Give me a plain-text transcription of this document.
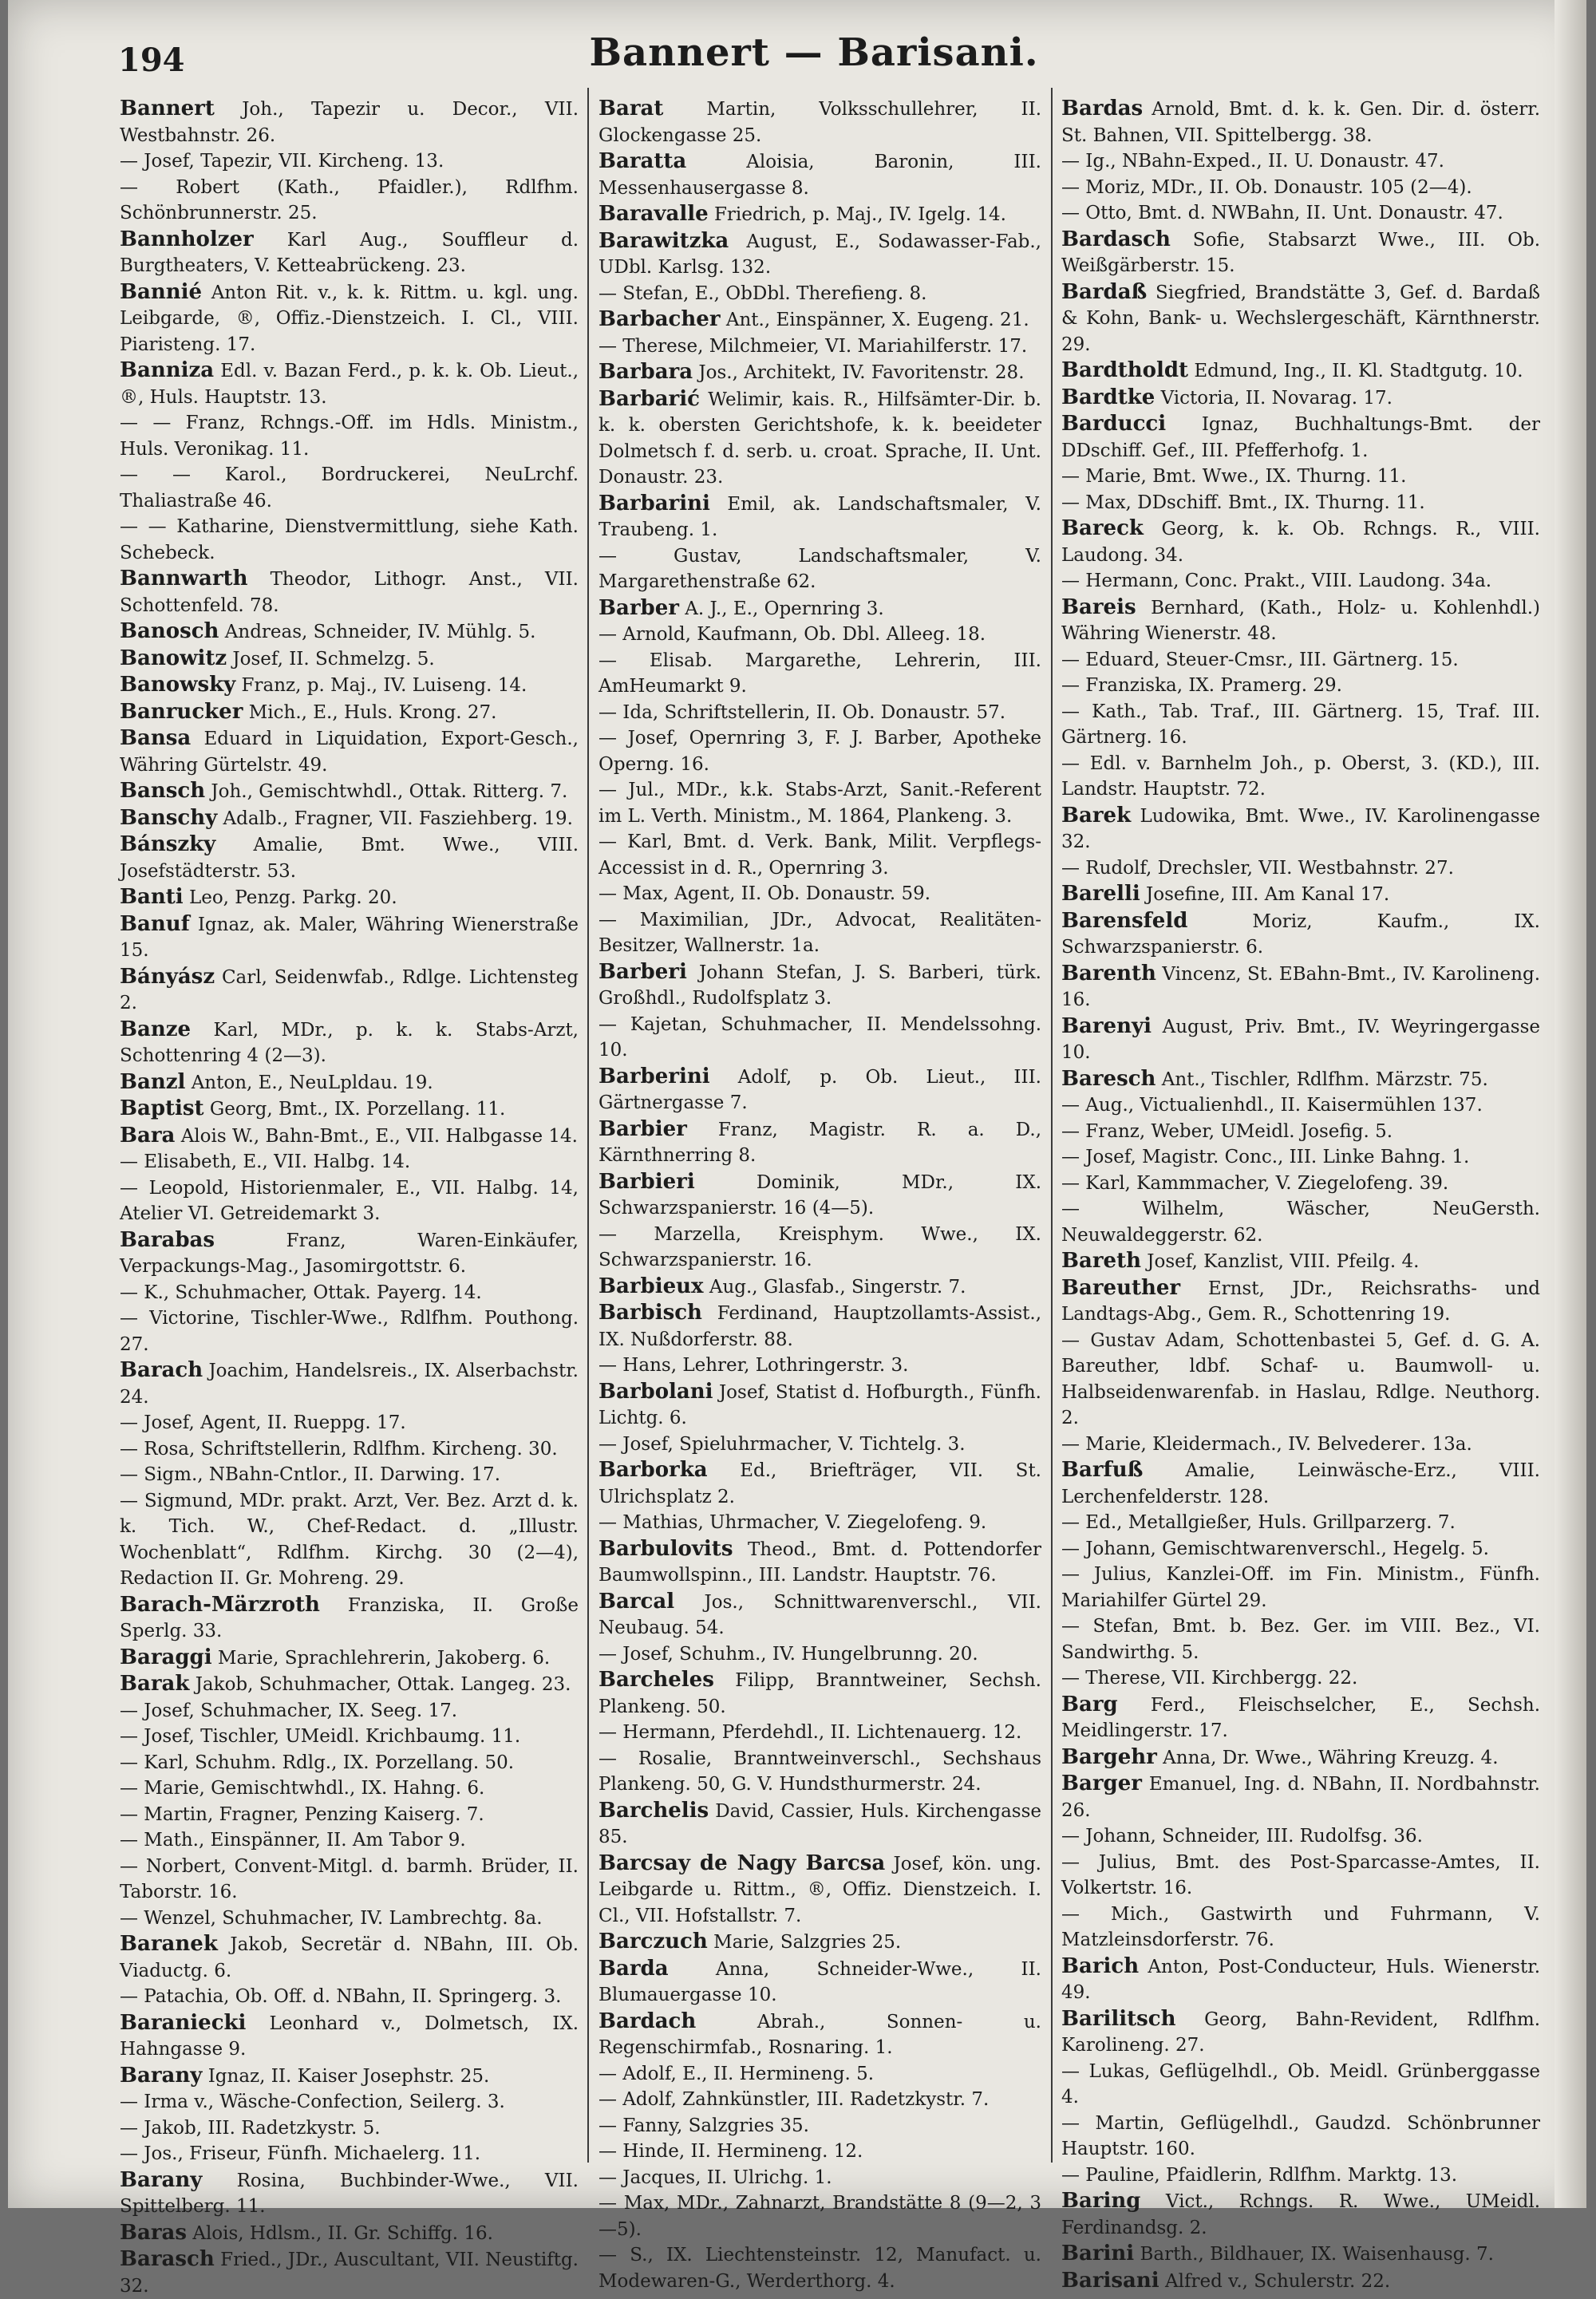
194	Bannert — Barisani.

Bannert Joh., Tapezir u. Decor., VII. Westbahnstr. 26.

— Josef, Tapezir, VII. Kircheng. 13.

— Robert (Kath., Pfaidler.), Rdlfhm. Schönbrunnerstr. 25.

Bannholzer Karl Aug., Souffleur d. Burgtheaters, V. Ketteabrückeng. 23.

Bannié Anton Rit. v., k. k. Rittm. u. kgl. ung. Leibgarde, ®, Offiz.-Dienstzeich. I. Cl., VIII. Piaristeng. 17.

Banniza Edl. v. Bazan Ferd., p. k. k. Ob. Lieut., ®, Huls. Hauptstr. 13.

— — Franz, Rchngs.-Off. im Hdls. Ministm., Huls. Veronikag. 11.

— — Karol., Bordruckerei, NeuLrchf. Thaliastraße 46.

— — Katharine, Dienstvermittlung, siehe Kath. Schebeck.

Bannwarth Theodor, Lithogr. Anst., VII. Schottenfeld. 78.

Banosch Andreas, Schneider, IV. Mühlg. 5.

Banowitz Josef, II. Schmelzg. 5.

Banowsky Franz, p. Maj., IV. Luiseng. 14.

Banrucker Mich., E., Huls. Krong. 27.

Bansa Eduard in Liquidation, Export-Gesch., Währing Gürtelstr. 49.

Bansch Joh., Gemischtwhdl., Ottak. Ritterg. 7.

Banschy Adalb., Fragner, VII. Fasziehberg. 19.

Bánszky Amalie, Bmt. Wwe., VIII. Josefstädterstr. 53.

Banti Leo, Penzg. Parkg. 20.

Banuf Ignaz, ak. Maler, Währing Wienerstraße 15.

Bányász Carl, Seidenwfab., Rdlge. Lichtensteg 2.

Banze Karl, MDr., p. k. k. Stabs-Arzt, Schottenring 4 (2—3).

Banzl Anton, E., NeuLpldau. 19.

Baptist Georg, Bmt., IX. Porzellang. 11.

Bara Alois W., Bahn-Bmt., E., VII. Halbgasse 14.

— Elisabeth, E., VII. Halbg. 14.

— Leopold, Historienmaler, E., VII. Halbg. 14, Atelier VI. Getreidemarkt 3.

Barabas	Franz, Waren-Einkäufer, Verpackungs-Mag., Jasomirgottstr. 6.

— K., Schuhmacher, Ottak. Payerg. 14.

— Victorine, Tischler-Wwe., Rdlfhm. Pouthong. 27.

Barach Joachim, Handelsreis., IX. Alserbachstr. 24.

— Josef, Agent, II. Rueppg. 17.

— Rosa, Schriftstellerin, Rdlfhm. Kircheng. 30.

— Sigm., NBahn-Cntlor., II. Darwing. 17.

— Sigmund, MDr. prakt. Arzt, Ver. Bez. Arzt d. k. k. Tich. W., Chef-Redact. d. „Illustr. Wochenblatt“, Rdlfhm. Kirchg. 30 (2—4), Redaction II. Gr. Mohreng. 29.

Barach-Märzroth Franziska, II. Große Sperlg. 33.

Baraggi Marie, Sprachlehrerin, Jakoberg. 6.

Barak Jakob, Schuhmacher, Ottak. Langeg. 23.

— Josef, Schuhmacher, IX. Seeg. 17.

— Josef, Tischler, UMeidl. Krichbaumg. 11.

— Karl, Schuhm. Rdlg., IX. Porzellang. 50.

— Marie, Gemischtwhdl., IX. Hahng. 6.

— Martin, Fragner, Penzing Kaiserg. 7.

— Math., Einspänner, II. Am Tabor 9.

— Norbert, Convent-Mitgl. d. barmh. Brüder, II. Taborstr. 16.

— Wenzel, Schuhmacher, IV. Lambrechtg. 8a.

Baranek Jakob, Secretär d. NBahn, III. Ob. Viaductg. 6.

— Patachia, Ob. Off. d. NBahn, II. Springerg. 3.

Baraniecki Leonhard v., Dolmetsch, IX. Hahngasse 9.

Barany Ignaz, II. Kaiser Josephstr. 25.

— Irma v., Wäsche-Confection, Seilerg. 3.

— Jakob, III. Radetzkystr. 5.

— Jos., Friseur, Fünfh. Michaelerg. 11.

Barany Rosina, Buchbinder-Wwe., VII. Spittelberg. 11.

Baras Alois, Hdlsm., II. Gr. Schiffg. 16.

Barasch Fried., JDr., Auscultant, VII. Neustiftg. 32.

Barat Martin, Volksschullehrer, II. Glockengasse 25.

Baratta	Aloisia, Baronin, III. Messenhausergasse 8.

Baravalle Friedrich, p. Maj., IV. Igelg. 14.

Barawitzka August, E., Sodawasser-Fab., UDbl. Karlsg. 132.

— Stefan, E., ObDbl. Therefieng. 8.

Barbacher Ant., Einspänner, X. Eugeng. 21.

— Therese, Milchmeier, VI. Mariahilferstr. 17.

Barbara Jos., Architekt, IV. Favoritenstr. 28.

Barbarić Welimir, kais. R., Hilfsämter-Dir. b. k. k. obersten Gerichtshofe, k. k. beeideter Dolmetsch f. d. serb. u. croat. Sprache, II. Unt. Donaustr. 23.

Barbarini Emil, ak. Landschaftsmaler, V. Traubeng. 1.

— Gustav, Landschaftsmaler, V. Margarethenstraße 62.

Barber A. J., E., Opernring 3.

— Arnold, Kaufmann, Ob. Dbl. Alleeg. 18.

— Elisab. Margarethe, Lehrerin, III. AmHeumarkt 9.

— Ida, Schriftstellerin, II. Ob. Donaustr. 57.

— Josef, Opernring 3, F. J. Barber, Apotheke Operng. 16.

— Jul., MDr., k.k. Stabs-Arzt, Sanit.-Referent im L. Verth. Ministm., M. 1864, Plankeng. 3.

— Karl, Bmt. d. Verk. Bank, Milit. Verpflegs-Accessist in d. R., Opernring 3.

— Max, Agent, II. Ob. Donaustr. 59.

— Maximilian, JDr., Advocat, Realitäten-Besitzer, Wallnerstr. 1a.

Barberi Johann Stefan, J. S. Barberi, türk. Großhdl., Rudolfsplatz 3.

— Kajetan, Schuhmacher, II. Mendelssohng. 10.

Barberini Adolf, p. Ob. Lieut., III. Gärtnergasse 7.

Barbier Franz, Magistr. R. a. D., Kärnthnerring 8.

Barbieri	Dominik, MDr., IX. Schwarzspanierstr. 16 (4—5).

— Marzella, Kreisphym. Wwe., IX. Schwarzspanierstr. 16.

Barbieux Aug., Glasfab., Singerstr. 7.

Barbisch Ferdinand, Hauptzollamts-Assist., IX. Nußdorferstr. 88.

— Hans, Lehrer, Lothringerstr. 3.

Barbolani Josef, Statist d. Hofburgth., Fünfh. Lichtg. 6.

— Josef, Spieluhrmacher, V. Tichtelg. 3.

Barborka Ed., Briefträger, VII. St. Ulrichsplatz 2.

— Mathias, Uhrmacher, V. Ziegelofeng. 9.

Barbulovits Theod., Bmt. d. Pottendorfer Baumwollspinn., III. Landstr. Hauptstr. 76.

Barcal Jos., Schnittwarenverschl., VII. Neubaug. 54.

— Josef, Schuhm., IV. Hungelbrunng. 20.

Barcheles Filipp, Branntweiner, Sechsh. Plankeng. 50.

— Hermann, Pferdehdl., II. Lichtenauerg. 12.

— Rosalie, Branntweinverschl., Sechshaus Plankeng. 50, G. V. Hundsthurmerstr. 24.

Barchelis David, Cassier, Huls. Kirchengasse 85.

Barcsay de Nagy Barcsa Josef, kön. ung. Leibgarde u. Rittm., ®, Offiz. Dienstzeich. I. Cl., VII. Hofstallstr. 7.

Barczuch Marie, Salzgries 25.

Barda	Anna, Schneider-Wwe., II. Blumauergasse 10.

Bardach	Abrah., Sonnen- u. Regenschirmfab., Rosnaring. 1.

— Adolf, E., II. Hermineng. 5.

— Adolf, Zahnkünstler, III. Radetzkystr. 7.

— Fanny, Salzgries 35.

— Hinde, II. Hermineng. 12.

— Jacques, II. Ulrichg. 1.

— Max, MDr., Zahnarzt, Brandstätte 8 (9—2, 3—5).

— S., IX. Liechtensteinstr. 12, Manufact. u. Modewaren-G., Werderthorg. 4.

Bardas Arnold, Bmt. d. k. k. Gen. Dir. d. österr. St. Bahnen, VII. Spittelbergg. 38.

— Ig., NBahn-Exped., II. U. Donaustr. 47.

— Moriz, MDr., II. Ob. Donaustr. 105 (2—4).

— Otto, Bmt. d. NWBahn, II. Unt. Donaustr. 47.

Bardasch Sofie, Stabsarzt Wwe., III. Ob. Weißgärberstr. 15.

Bardaß Siegfried, Brandstätte 3, Gef. d. Bardaß & Kohn, Bank- u. Wechslergeschäft, Kärnthnerstr. 29.

Bardtholdt Edmund, Ing., II. Kl. Stadtgutg. 10.

Bardtke Victoria, II. Novarag. 17.

Barducci Ignaz, Buchhaltungs-Bmt. der DDschiff. Gef., III. Pfefferhofg. 1.

— Marie, Bmt. Wwe., IX. Thurng. 11.

— Max, DDschiff. Bmt., IX. Thurng. 11.

Bareck Georg, k. k. Ob. Rchngs. R., VIII. Laudong. 34.

— Hermann, Conc. Prakt., VIII. Laudong. 34a.

Bareis Bernhard, (Kath., Holz- u. Kohlenhdl.) Währing Wienerstr. 48.

— Eduard, Steuer-Cmsr., III. Gärtnerg. 15.

— Franziska, IX. Pramerg. 29.

— Kath., Tab. Traf., III. Gärtnerg. 15, Traf. III. Gärtnerg. 16.

— Edl. v. Barnhelm Joh., p. Oberst, 3. (KD.), III. Landstr. Hauptstr. 72.

Barek Ludowika, Bmt. Wwe., IV. Karolinengasse 32.

— Rudolf, Drechsler, VII. Westbahnstr. 27.

Barelli Josefine, III. Am Kanal 17.

Barensfeld	Moriz, Kaufm., IX. Schwarzspanierstr. 6.

Barenth Vincenz, St. EBahn-Bmt., IV. Karolineng. 16.

Barenyi August, Priv. Bmt., IV. Weyringergasse 10.

Baresch Ant., Tischler, Rdlfhm. Märzstr. 75.

— Aug., Victualienhdl., II. Kaisermühlen 137.

— Franz, Weber, UMeidl. Josefig. 5.

— Josef, Magistr. Conc., III. Linke Bahng. 1.

— Karl, Kammmacher, V. Ziegelofeng. 39.

— Wilhelm, Wäscher, NeuGersth. Neuwaldeggerstr. 62.

Bareth Josef, Kanzlist, VIII. Pfeilg. 4.

Bareuther Ernst, JDr., Reichsraths- und Landtags-Abg., Gem. R., Schottenring 19.

— Gustav Adam, Schottenbastei 5, Gef. d. G. A. Bareuther, ldbf. Schaf- u. Baumwoll- u. Halbseidenwarenfab. in Haslau, Rdlge. Neuthorg. 2.

— Marie, Kleidermach., IV. Belvederег. 13a.

Barfuß Amalie, Leinwäsche-Erz., VIII. Lerchenfelderstr. 128.

— Ed., Metallgießer, Huls. Grillparzerg. 7.

— Johann, Gemischtwarenverschl., Hegelg. 5.

— Julius, Kanzlei-Off. im Fin. Ministm., Fünfh. Mariahilfer Gürtel 29.

— Stefan, Bmt. b. Bez. Ger. im VIII. Bez., VI. Sandwirthg. 5.

— Therese, VII. Kirchbergg. 22.

Barg Ferd., Fleischselcher, E., Sechsh. Meidlingerstr. 17.

Bargehr Anna, Dr. Wwe., Währing Kreuzg. 4.

Barger Emanuel, Ing. d. NBahn, II. Nordbahnstr. 26.

— Johann, Schneider, III. Rudolfsg. 36.

— Julius, Bmt. des Post-Sparcasse-Amtes, II. Volkertstr. 16.

— Mich., Gastwirth und Fuhrmann, V. Matzleinsdorferstr. 76.

Barich Anton, Post-Conducteur, Huls. Wienerstr. 49.

Barilitsch Georg, Bahn-Revident, Rdlfhm. Karolineng. 27.

— Lukas, Geflügelhdl., Ob. Meidl. Grünberggasse 4.

— Martin, Geflügelhdl., Gaudzd. Schönbrunner Hauptstr. 160.

— Pauline, Pfaidlerin, Rdlfhm. Marktg. 13.

Baring Vict., Rchngs. R. Wwe., UMeidl. Ferdinandsg. 2.

Barini Barth., Bildhauer, IX. Waisenhausg. 7.

Barisani Alfred v., Schulerstr. 22.
